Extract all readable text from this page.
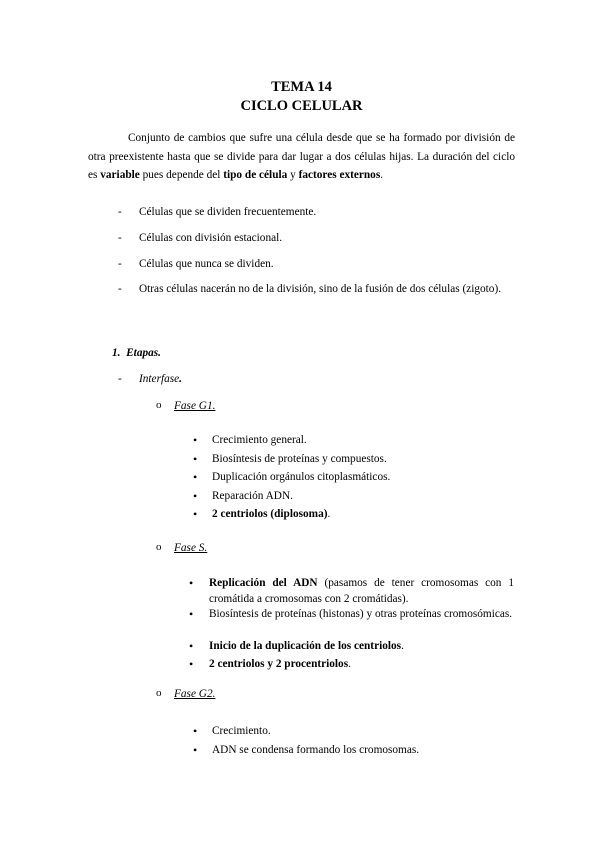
TEMA 14
CICLO CELULAR

Conjunto de cambios que sufre una célula desde que se ha formado por división de otra preexistente hasta que se divide para dar lugar a dos células hijas. La duración del ciclo es variable pues depende del tipo de célula y factores externos.

- Células que se dividen frecuentemente.
- Células con división estacional.
- Células que nunca se dividen.
- Otras células nacerán no de la división, sino de la fusión de dos células (zigoto).
1. Etapas.
- Interfase.
o Fase G1.
• Crecimiento general.
• Biosíntesis de proteínas y compuestos.
• Duplicación orgánulos citoplasmáticos.
• Reparación ADN.
• 2 centriolos (diplosoma).
o Fase S.
• Replicación del ADN (pasamos de tener cromosomas con 1 cromátida a cromosomas con 2 cromátidas).
• Biosíntesis de proteínas (histonas) y otras proteínas cromosómicas.
• Inicio de la duplicación de los centriolos.
• 2 centriolos y 2 procentriolos.
o Fase G2.
• Crecimiento.
• ADN se condensa formando los cromosomas.
